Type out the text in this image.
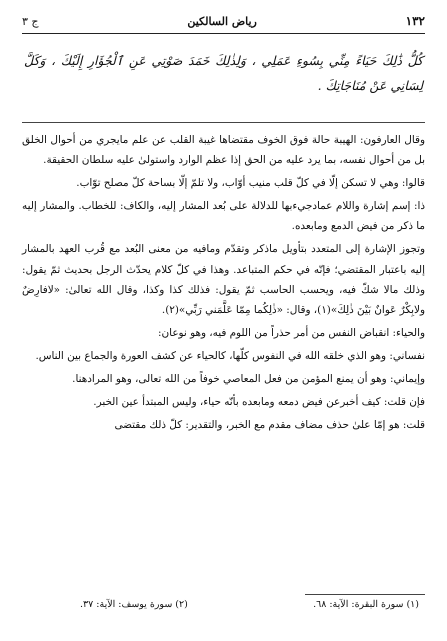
١٣٢
رياض السالكين
ج ٣
كُلُّ ذَٰلِكَ حَيَاءً مِنِّي بِسُوءِ عَمَلِي ، وَلِذٰلِكَ خَمَدَ صَوْتِي عَنِ ٱلْجُؤَارِ إِلَيْكَ ، وَكَلَّ لِسَانِي عَنْ مُنَاجَاتِكَ .

وقال العارفون: الهيبة حالة فوق الخوف مقتضاها غيبة القلب عن علم مايجري من أحوال الخلق بل من أحوال نفسه، بما يرد عليه من الحق إذا عظم الوارد واستولىٰ عليه سلطان الحقيقة.

قالوا: وهي لا تسكن إلّا في كلّ قلب منيب أوّاب، ولا تلمّ إلّا بساحة كلّ مصلح توّاب.

ذا: إسم إشارة واللام عمادجيءبها للدلالة على بُعد المشار إليه، والكاف: للخطاب. والمشار إليه ما ذكر من فيض الدمع ومابعده.

وتجوز الإشارة إلى المتعدد بتأويل ماذكر وتقدّم ومافيه من معنى البُعد مع قُرب العهد بالمشار إليه باعتبار المقتضي؛ فإنّه في حكم المتباعد. وهذا في كلّ كلام يحدّث الرجل بحديث ثمّ يقول: وذلك مالا شكّ فيه، ويحسب الحاسب ثمّ يقول: فذلك كذا وكذا، وقال الله تعالىٰ: «لافارِضٌ ولابِكْرٌ عَوانٌ بَيْنَ ذٰلِكَ»(١)، وقال: «ذٰلِكُما مِمّا عَلَّمَني رَبِّي»(٢).

والحياء: انقباض النفس من أمر حذراً من اللوم فيه، وهو نوعان:

نفساني: وهو الذي خلقه الله في النفوس كلّها، كالحياء عن كشف العورة والجماع بين الناس.

وإيماني: وهو أن يمنع المؤمن من فعل المعاصي خوفاً من الله تعالى، وهو المرادهنا.

فإن قلت: كيف أخبرعن فيض دمعه ومابعده بأنّه حياء، وليس المبتدأ عين الخبر.

قلت: هو إمّا علىٰ حذف مضاف مقدم مع الخبر، والتقدير: كلّ ذلك مقتضى

(١) سورة البقرة: الآية: ٦٨.
(٢) سورة يوسف: الآية: ٣٧.
